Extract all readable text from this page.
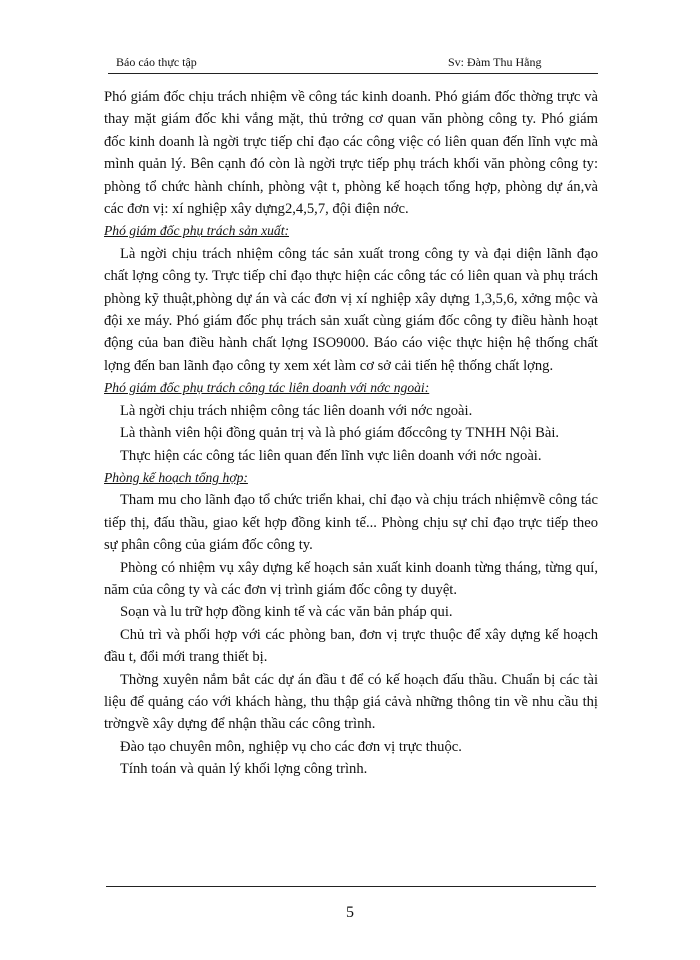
Báo cáo thực tập	Sv: Đàm Thu Hằng

Phó giám đốc chịu trách nhiệm về công tác kinh doanh. Phó giám đốc thờng trực và thay mặt giám đốc khi vắng mặt, thủ trởng cơ quan văn phòng công ty. Phó giám đốc kinh doanh là ngời trực tiếp chỉ đạo các công việc có liên quan đến lĩnh vực mà mình quản lý. Bên cạnh đó còn là ngời trực tiếp phụ trách khối văn phòng công ty: phòng tổ chức hành chính, phòng vật t, phòng kế hoạch tổng hợp, phòng dự án,và các đơn vị: xí nghiệp xây dựng2,4,5,7, đội điện nớc.

Phó giám đốc phụ trách sản xuất:

Là ngời chịu trách nhiệm công tác sản xuất trong công ty và đại diện lãnh đạo chất lợng công ty. Trực tiếp chỉ đạo thực hiện các công tác có liên quan và phụ trách phòng kỹ thuật,phòng dự án và các đơn vị xí nghiệp xây dựng 1,3,5,6, xởng mộc và đội xe máy. Phó giám đốc phụ trách sản xuất cùng giám đốc công ty điều hành hoạt động của ban điều hành chất lợng ISO9000. Báo cáo việc thực hiện hệ thống chất lợng đến ban lãnh đạo công ty xem xét làm cơ sở cải tiến hệ thống chất lợng.

Phó giám đốc phụ trách công tác liên doanh với nớc ngoài:

Là ngời chịu trách nhiệm công tác liên doanh với nớc ngoài.

Là thành viên hội đồng quản trị và là phó giám đốccông ty TNHH Nội Bài.

Thực hiện các công tác liên quan đến lĩnh vực liên doanh với nớc ngoài.

Phòng kế hoạch tổng hợp:

Tham mu cho lãnh đạo tổ chức triển khai, chỉ đạo và chịu trách nhiệmvề công tác tiếp thị, đấu thầu, giao kết hợp đồng kinh tế... Phòng chịu sự chỉ đạo trực tiếp theo sự phân công của giám đốc công ty.

Phòng có nhiệm vụ xây dựng kế hoạch sản xuất kinh doanh từng tháng, từng quí, năm của công ty và các đơn vị trình giám đốc công ty duyệt.

Soạn và lu trữ hợp đồng kinh tế và các văn bản pháp qui.

Chủ trì và phối hợp với các phòng ban, đơn vị trực thuộc để xây dựng kế hoạch đầu t, đổi mới trang thiết bị.

Thờng xuyên nắm bắt các dự án đầu t để có kế hoạch đấu thầu. Chuẩn bị các tài liệu để quảng cáo với khách hàng, thu thập giá cảvà những thông tin về nhu cầu thị trờngvề xây dựng để nhận thầu các công trình.

Đào tạo chuyên môn, nghiệp vụ cho các đơn vị trực thuộc.

Tính toán và quản lý khối lợng công trình.

5
